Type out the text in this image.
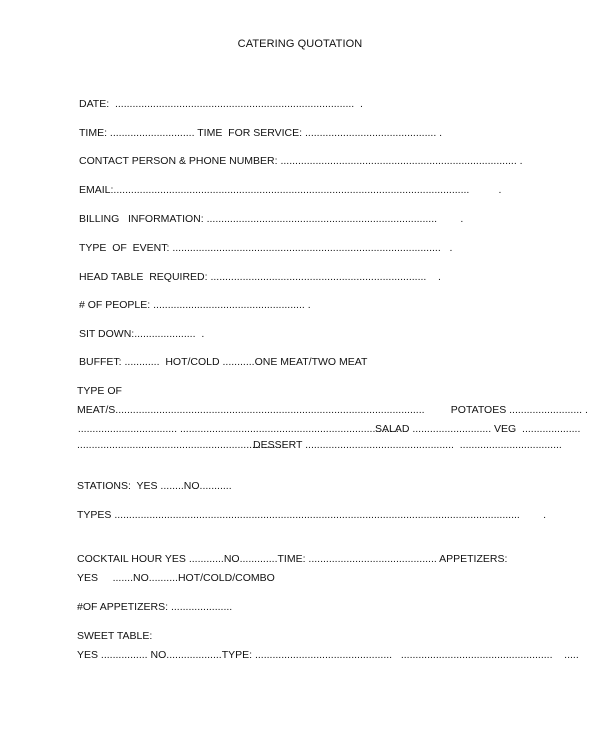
CATERING QUOTATION
DATE:  ..................................................................................  .
TIME: ............................. TIME  FOR SERVICE: ............................................. .
CONTACT PERSON & PHONE NUMBER: ................................................................................. .
EMAIL:..........................................................................................................................          .
BILLING   INFORMATION: ...............................................................................        .
TYPE  OF  EVENT: ............................................................................................   .
HEAD TABLE  REQUIRED: ..........................................................................    .
# OF PEOPLE: .................................................... .
SIT DOWN:.....................  .
BUFFET: ............  HOT/COLD ...........ONE MEAT/TWO MEAT
TYPE OF
MEAT/S..........................................................................................................         POTATOES ......................... .
.................................. ...........................................................................
SALAD ........................... VEG  ....................
......................................................................
DESSERT ...................................................  ...................................
STATIONS:  YES ........NO...........
TYPES ...........................................................................................................................................        .
COCKTAIL HOUR YES ............NO.............TIME: ............................................ APPETIZERS:
YES     .......NO..........HOT/COLD/COMBO
#OF APPETIZERS: .....................
SWEET TABLE:
YES ................ NO...................TYPE: ...............................................   ....................................................    .....
